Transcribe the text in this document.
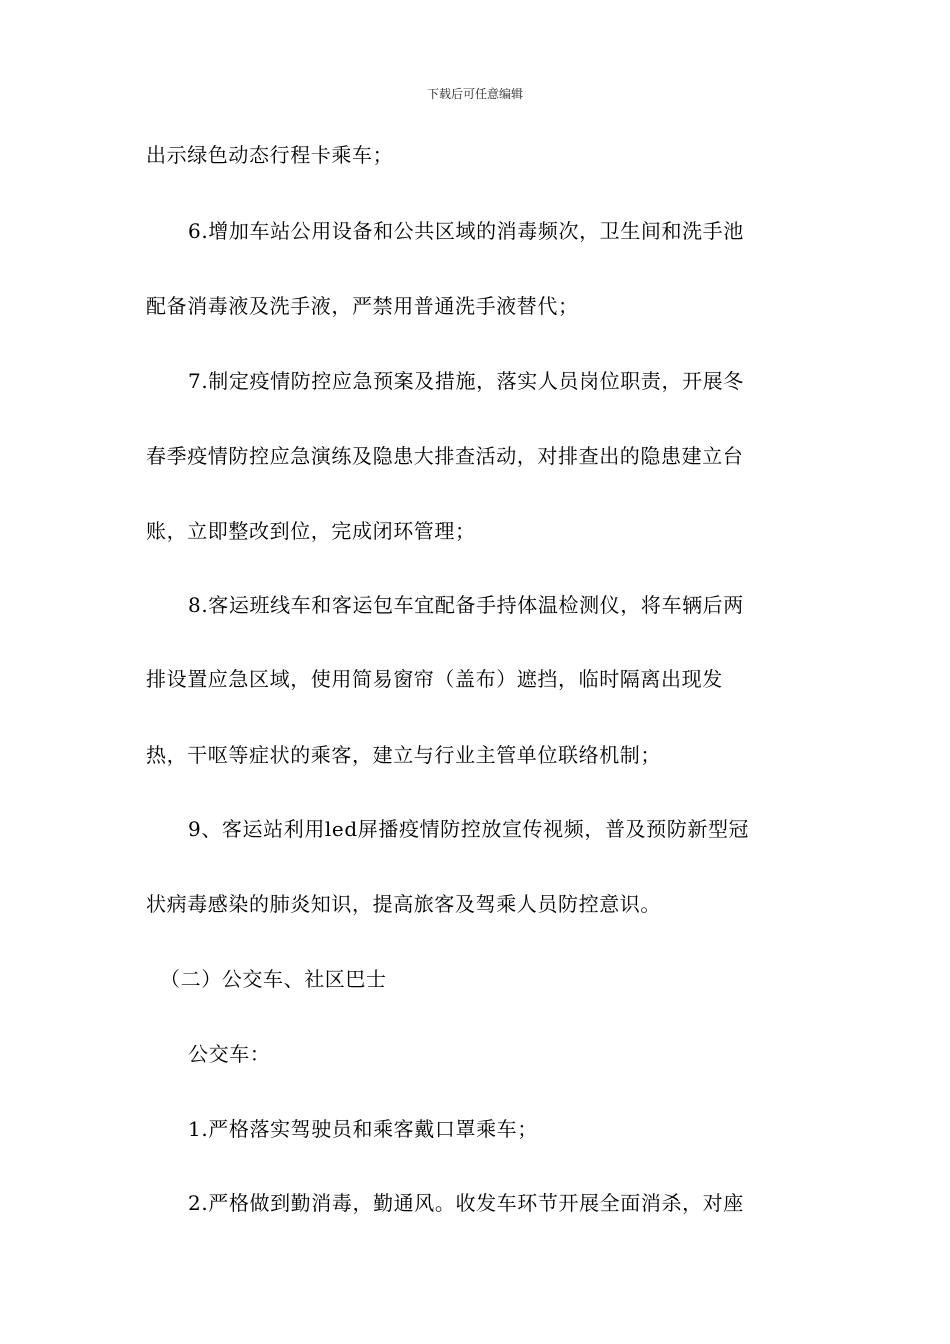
下载后可任意编辑
出示绿色动态行程卡乘车；
6.增加车站公用设备和公共区域的消毒频次，卫生间和洗手池
配备消毒液及洗手液，严禁用普通洗手液替代；
7.制定疫情防控应急预案及措施，落实人员岗位职责，开展冬
春季疫情防控应急演练及隐患大排查活动，对排查出的隐患建立台
账，立即整改到位，完成闭环管理；
8.客运班线车和客运包车宜配备手持体温检测仪，将车辆后两
排设置应急区域，使用简易窗帘（盖布）遮挡，临时隔离出现发
热，干呕等症状的乘客，建立与行业主管单位联络机制；
9、客运站利用led屏播疫情防控放宣传视频，普及预防新型冠
状病毒感染的肺炎知识，提高旅客及驾乘人员防控意识。
（二）公交车、社区巴士
公交车：
1.严格落实驾驶员和乘客戴口罩乘车；
2.严格做到勤消毒，勤通风。收发车环节开展全面消杀，对座
